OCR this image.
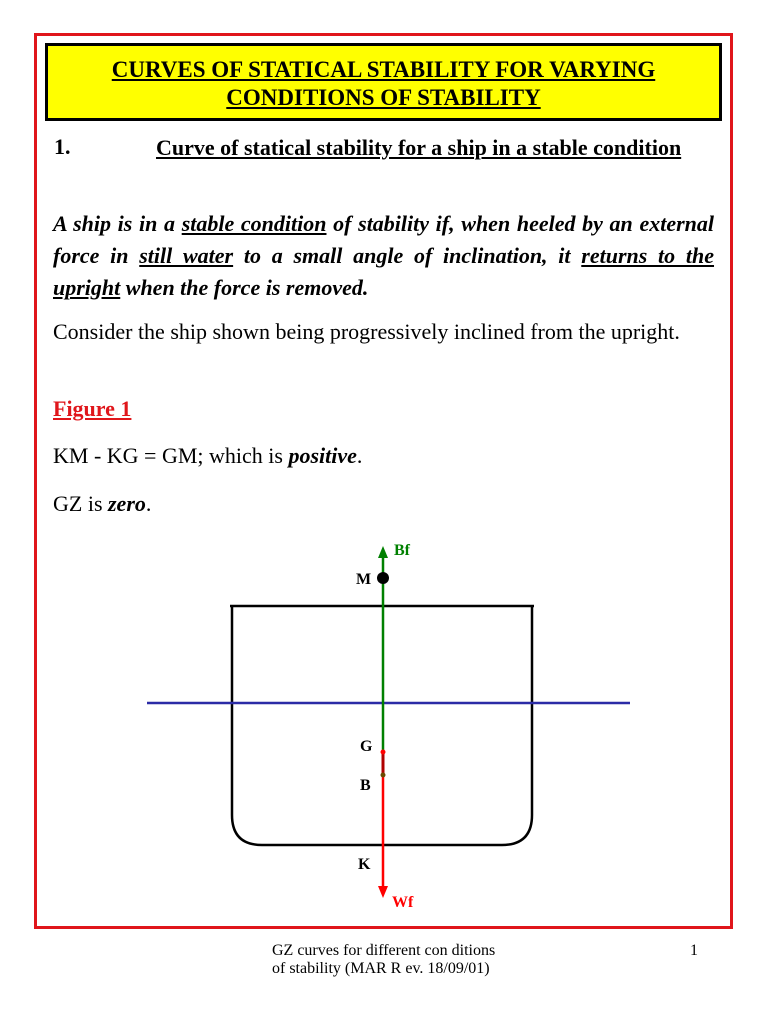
CURVES OF STATICAL STABILITY FOR VARYING
CONDITIONS OF STABILITY
1.	Curve of statical stability for a ship in a stable condition
A ship is in a stable condition of stability if, when heeled by an external force in still water to a small angle of inclination, it returns to the upright when the force is removed.
Consider the ship shown being progressively inclined from the upright.
Figure 1
KM - KG = GM; which is positive.
GZ is zero.
Bf
M
G
B
K
Wf
GZ curves for different con ditions of stability (MAR R ev. 18/09/01)
1
